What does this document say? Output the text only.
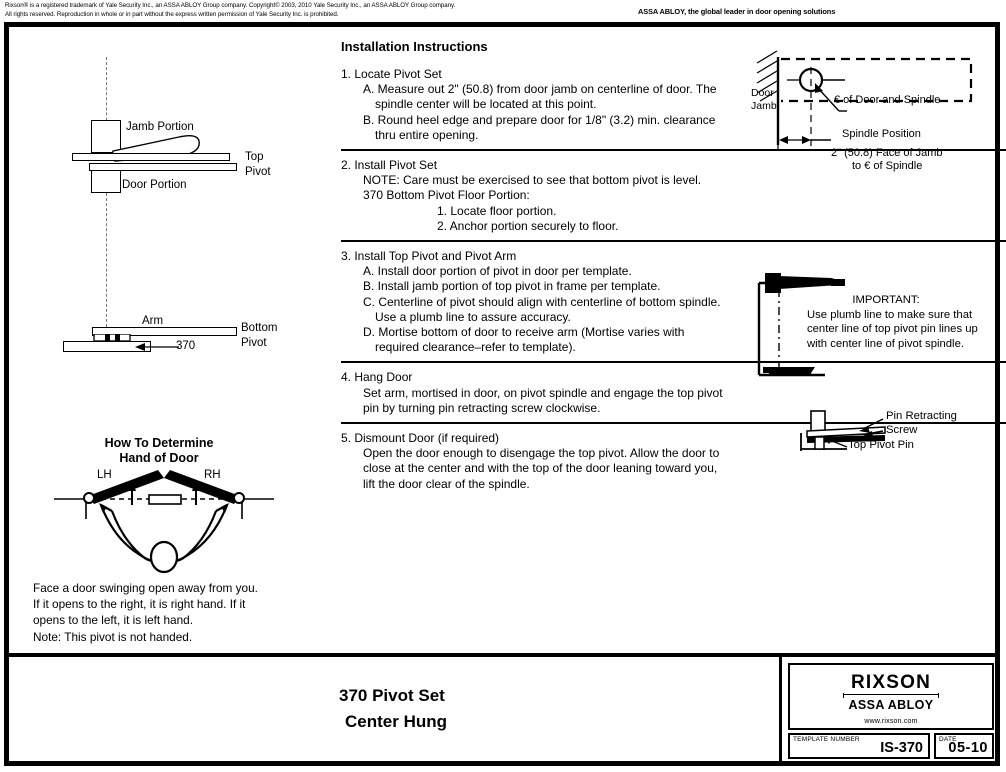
Rixson® is a registered trademark of Yale Security Inc., an ASSA ABLOY Group company. Copyright© 2003, 2010 Yale Security Inc., an ASSA ABLOY Group company.
All rights reserved. Reproduction in whole or in part without the express written permission of Yale Security Inc. is prohibited.	ASSA ABLOY, the global leader in door opening solutions
Jamb Portion
Door Portion
Top
Pivot
Arm
370
Bottom
Pivot
How To Determine
Hand of Door
LH	RH
Face a door swinging open away from you.
If it opens to the right, it is right hand. If it
opens to the left, it is left hand.
Note: This pivot is not handed.
Installation Instructions
1. Locate Pivot Set
A. Measure out 2" (50.8) from door jamb on centerline of door. The spindle center will be located at this point.
B. Round heel edge and prepare door for 1/8" (3.2) min. clearance thru entire opening.
2. Install Pivot Set
NOTE: Care must be exercised to see that bottom pivot is level.
370 Bottom Pivot Floor Portion:
1. Locate floor portion.
2. Anchor portion securely to floor.
3. Install Top Pivot and Pivot Arm
A. Install door portion of pivot in door per template.
B. Install jamb portion of top pivot in frame per template.
C. Centerline of pivot should align with centerline of bottom spindle. Use a plumb line to assure accuracy.
D. Mortise bottom of door to receive arm (Mortise varies with required clearance–refer to template).
4. Hang Door
Set arm, mortised in door, on pivot spindle and engage the top pivot pin by turning pin retracting screw clockwise.
5. Dismount Door (if required)
Open the door enough to disengage the top pivot. Allow the door to close at the center and with the top of the door leaning toward you, lift the door clear of the spindle.
Door
Jamb	€ of Door and Spindle
Spindle Position
2" (50.8) Face of Jamb
to € of Spindle
IMPORTANT:
Use plumb line to make sure that center line of top pivot pin lines up with center line of pivot spindle.
Pin Retracting
Screw
Top Pivot Pin
370 Pivot Set
Center Hung
RIXSON
ASSA ABLOY
www.rixson.com
TEMPLATE NUMBER
IS-370
DATE
05-10
